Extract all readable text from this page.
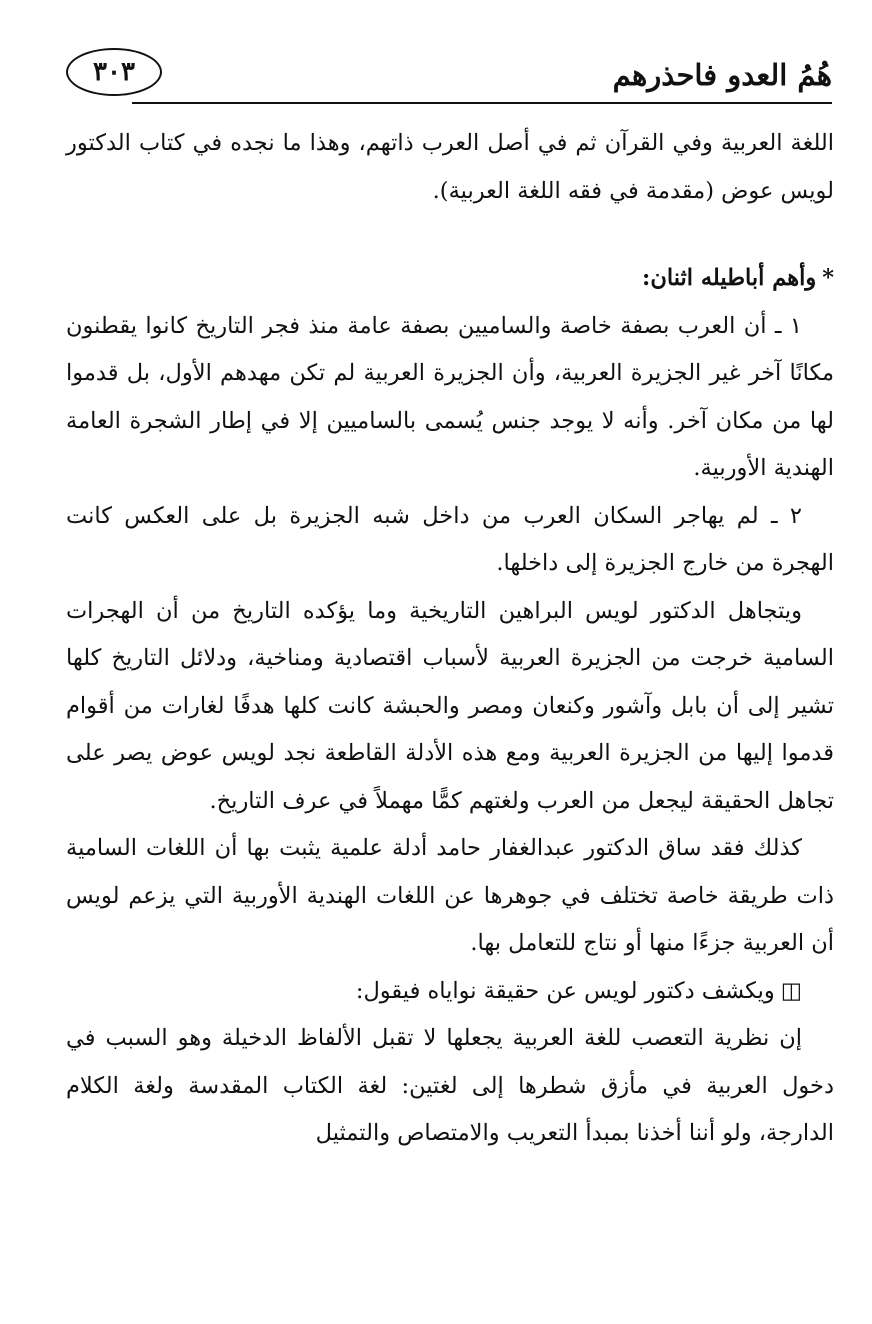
هُمُ العدو فاحذرهم
٣٠٣

اللغة العربية وفي القرآن ثم في أصل العرب ذاتهم، وهذا ما نجده في كتاب الدكتور لويس عوض (مقدمة في فقه اللغة العربية).

*وأهم أباطيله اثنان:

١ ـ أن العرب بصفة خاصة والساميين بصفة عامة منذ فجر التاريخ كانوا يقطنون مكانًا آخر غير الجزيرة العربية، وأن الجزيرة العربية لم تكن مهدهم الأول، بل قدموا لها من مكان آخر. وأنه لا يوجد جنس يُسمى بالساميين إلا في إطار الشجرة العامة الهندية الأوربية.

٢ ـ لم يهاجر السكان العرب من داخل شبه الجزيرة بل على العكس كانت الهجرة من خارج الجزيرة إلى داخلها.

ويتجاهل الدكتور لويس البراهين التاريخية وما يؤكده التاريخ من أن الهجرات السامية خرجت من الجزيرة العربية لأسباب اقتصادية ومناخية، ودلائل التاريخ كلها تشير إلى أن بابل وآشور وكنعان ومصر والحبشة كانت كلها هدفًا لغارات من أقوام قدموا إليها من الجزيرة العربية ومع هذه الأدلة القاطعة نجد لويس عوض يصر على تجاهل الحقيقة ليجعل من العرب ولغتهم كمًّا مهملاً في عرف التاريخ.

كذلك فقد ساق الدكتور عبدالغفار حامد أدلة علمية يثبت بها أن اللغات السامية ذات طريقة خاصة تختلف في جوهرها عن اللغات الهندية الأوربية التي يزعم لويس أن العربية جزءًا منها أو نتاج للتعامل بها.

◫ويكشف دكتور لويس عن حقيقة نواياه فيقول:

إن نظرية التعصب للغة العربية يجعلها لا تقبل الألفاظ الدخيلة وهو السبب في دخول العربية في مأزق شطرها إلى لغتين: لغة الكتاب المقدسة ولغة الكلام الدارجة، ولو أننا أخذنا بمبدأ التعريب والامتصاص والتمثيل
